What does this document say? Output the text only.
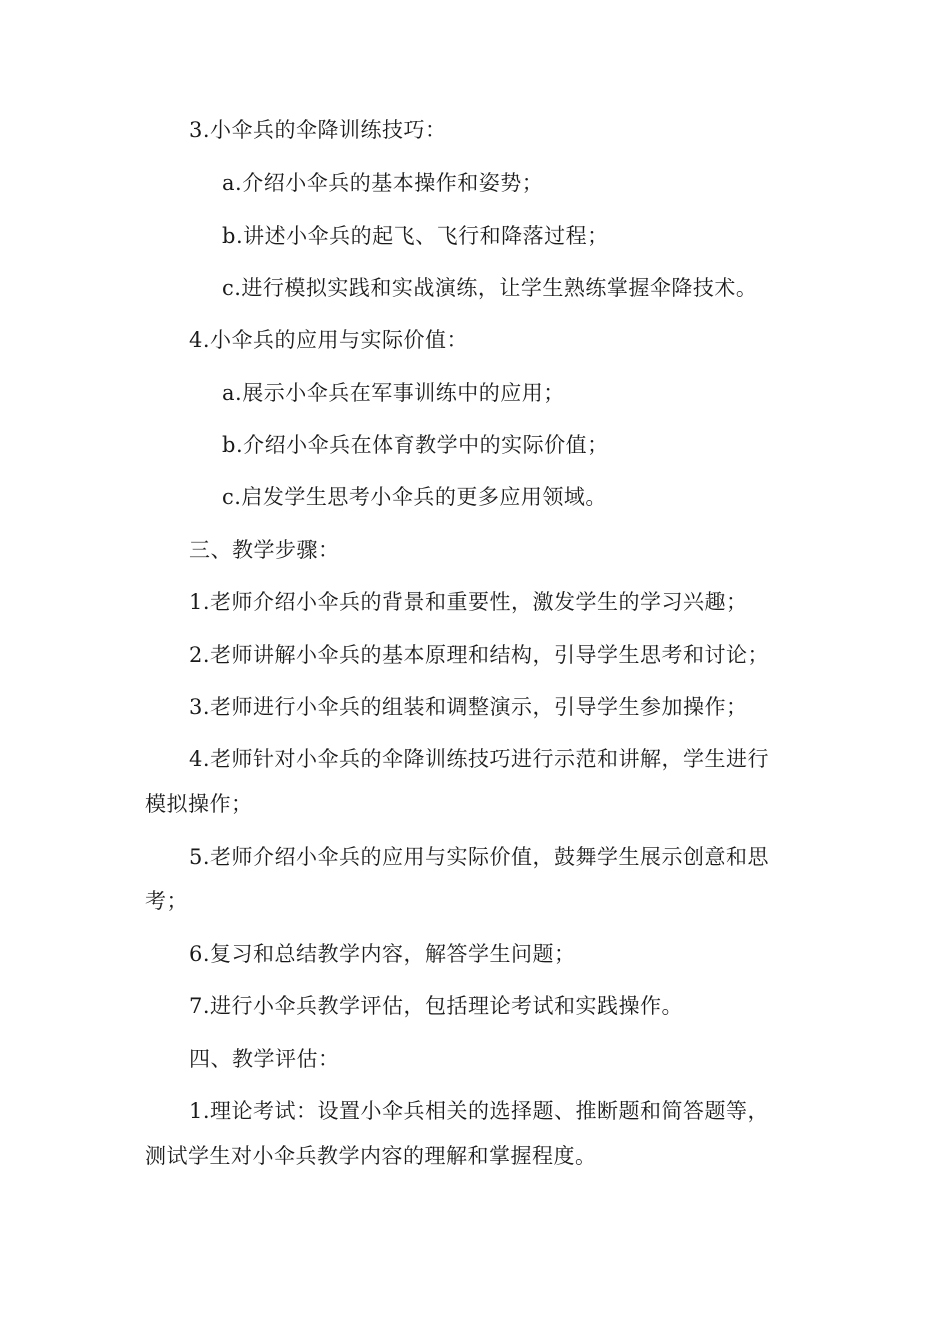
3.小伞兵的伞降训练技巧：
a.介绍小伞兵的基本操作和姿势；
b.讲述小伞兵的起飞、飞行和降落过程；
c.进行模拟实践和实战演练，让学生熟练掌握伞降技术。
4.小伞兵的应用与实际价值：
a.展示小伞兵在军事训练中的应用；
b.介绍小伞兵在体育教学中的实际价值；
c.启发学生思考小伞兵的更多应用领域。
三、教学步骤：
1.老师介绍小伞兵的背景和重要性，激发学生的学习兴趣；
2.老师讲解小伞兵的基本原理和结构，引导学生思考和讨论；
3.老师进行小伞兵的组装和调整演示，引导学生参加操作；
4.老师针对小伞兵的伞降训练技巧进行示范和讲解，学生进行
模拟操作；
5.老师介绍小伞兵的应用与实际价值，鼓舞学生展示创意和思
考；
6.复习和总结教学内容，解答学生问题；
7.进行小伞兵教学评估，包括理论考试和实践操作。
四、教学评估：
1.理论考试：设置小伞兵相关的选择题、推断题和简答题等，
测试学生对小伞兵教学内容的理解和掌握程度。
